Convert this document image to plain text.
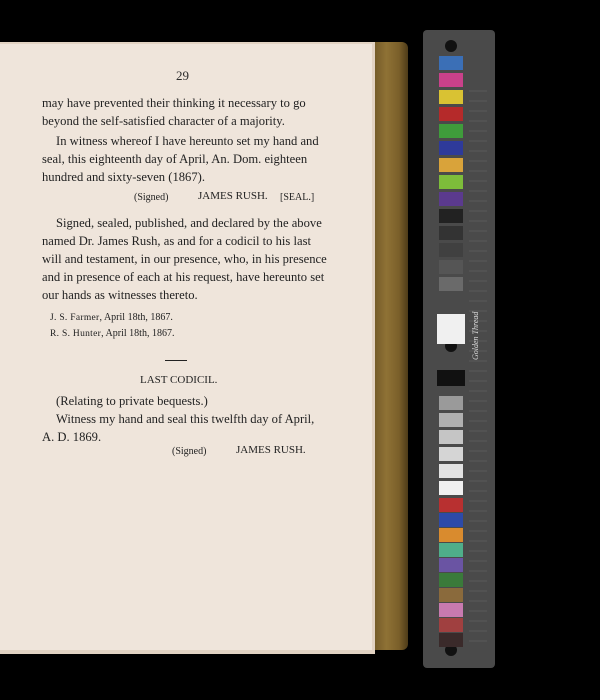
29
may have prevented their thinking it necessary to go
beyond the self-satisfied character of a majority.
In witness whereof I have hereunto set my hand and
seal, this eighteenth day of April, An. Dom. eighteen
hundred and sixty-seven (1867).
(Signed)	JAMES RUSH. [SEAL.]
Signed, sealed, published, and declared by the above
named Dr. James Rush, as and for a codicil to his last
will and testament, in our presence, who, in his presence
and in presence of each at his request, have hereunto set
our hands as witnesses thereto.
J. S. Farmer, April 18th, 1867.
R. S. Hunter, April 18th, 1867.
LAST CODICIL.
(Relating to private bequests.)
Witness my hand and seal this twelfth day of April,
A. D. 1869.
(Signed)	JAMES RUSH.
Golden Thread
